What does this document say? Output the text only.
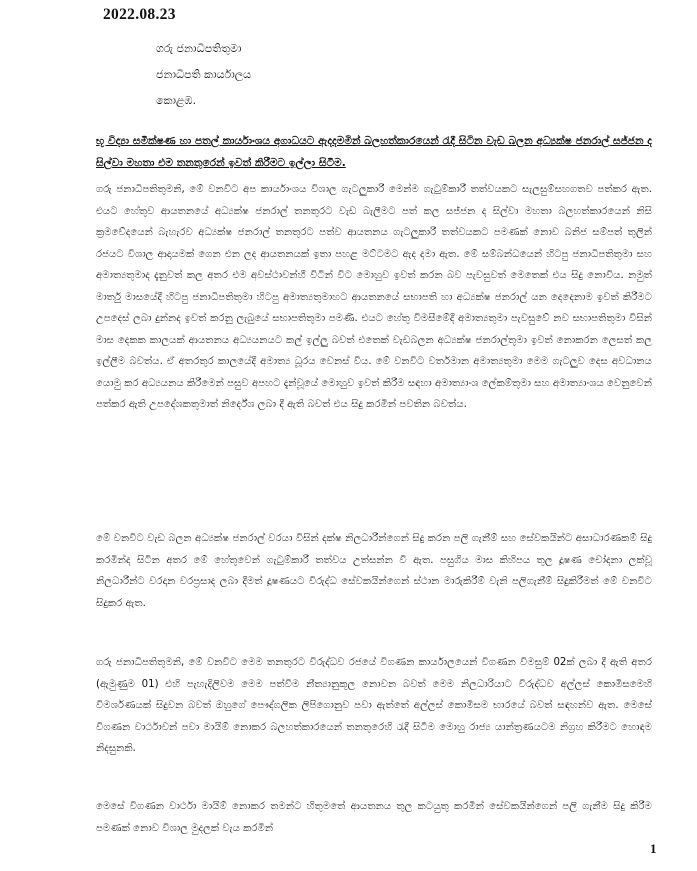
2022.08.23
ගරු ජනාධිපතිතුමා
ජනාධිපති කාර්යාලය
කොළඹ.
භූ විද්‍යා සමීක්ෂණ හා පතල් කාර්යාංශය අගාධයට ඇදදමමින් බලහත්කාරයෙන් රැදී සිටින වැඩ බලන අධ්‍යක්ෂ ජනරාල් සජ්ජන ද සිල්වා මහතා එම තනතුරෙන් ඉවත් කිරීමට ඉල්ලා සිටීම.
ගරු ජනාධිපතිතුමනි, මේ වනවිට අප කාර්යාංශය විශාල ගැටලුකාරී මෙන්ම ගැටුම්කාරී තත්වයකට සැලසුම්සහගතව පත්කර ඇත. එයට හේතුව ආයතනයේ අධ්‍යක්ෂ ජනරාල් තනතුරට වැඩ බැලීමට පත් කල සජ්ජන ද සිල්වා මහතා බලහත්කාරයෙන් නිසි ක්‍රමවේදයෙන් බැහැරව අධ්‍යක්ෂ ජනරාල් තනතුරට පත්ව ආයතනය ගැටලුකාරී තත්වයකට පමණක් නොව බනිජ සම්පත් තුලින් රජයට විශාල ආදායමක් ගෙන එන ලද ආයතනයක් ඉතා පහළ මට්ටමට ඇද දමා ඇත. මේ සම්බන්ධයෙන් හිටපු ජනාධිපතිතුමා සහ අමාත්‍යතුමාද දැනුවත් කල අතර එම අවස්ථාවන්හී විටින් විට මොහුව ඉවත් කරන බව පැවසුවත් මෙතෙක් එය සිදු නොවිය. නමුත් මාර්තු මාසයේදී හිටපු ජනාධිපතිතුමා හිටපු අමාත්‍යතුමාහට ආයතනයේ සභාපති හා අධ්‍යක්ෂ ජනරාල් යන දෙදෙනාම ඉවත් කිරීමට උපදෙස් ලබා දුන්නද ඉවත් කරනු ලැබුයේ සභාපතිතුමා පමණි. එයට හේතු විමසීමේදී අමාත්‍යතුමා පැවසුවේ නව සභාපතිතුමා විසින් මාස දෙකක කාලයක් ආයතනය අධ්‍යයනයට කල් ඉල්ලු බවත් එතෙක් වැඩබලන අධ්‍යක්ෂ ජනරාල්තුමා ඉවත් නොකරන ලෙසත් කල ඉල්ලීම බවත්ය. ඒ අතරතුර කාලයේදී අමාත්‍ය ධූරය වෙනස් විය. මේ වනවිට වර්තමාන අමාත්‍යතුමා මෙම ගැටලුව දෙස අවධානය යොමු කර අධ්‍යයනය කිරීමෙන් පසුව අපහට දැන්වූයේ මොහුව ඉවත් කිරීම සඳහා අමාත්‍යාංශ ලේකම්තුමා සහ අමාත්‍යාංශය වෙනුවෙන් පත්කර ඇති උපදේශකතුමාත් නිර්දේශ ලබා දී ඇති බවත් එය සිදු කරමින් පවතින බවත්ය.
මේ වනවිට වැඩ බලන අධ්‍යක්ෂ ජනරාල් වරයා විසින් දක්ෂ නිලධාරීන්ගෙන් සිදු කරන පලි ගැනීම් සහ සේවකයින්ට අසාධාරණකම් සිදු කරමින්ද සිටින අතර මේ හේතුවෙන් ගැටුම්කාරී තත්වය උත්සන්න වී ඇත. පසුගිය මාස කිහිපය තුල දූෂණ චෝදනා ලක්වූ නිලධාරීන්ට වරදාන වරප්‍රසාද ලබා දීමත් දූෂණයට විරුද්ධ සේවකයින්ගෙන් ස්ථාන මාරුකිරීම් වැනි පලිගැනීම් සිදුකිරීමත් මේ වනවිට සිදුකර ඇත.
ගරු ජනාධිපතිතුමනි, මේ වනවිට මෙම තනතුරට විරුද්ධව රජයේ විගණන කාර්යාලයෙන් විගණන විමසුම් 02ක් ලබා දී ඇති අතර (ඇමුණුම 01) එහි පැහැදිලිවම මෙම පත්වීම නීත්‍යානුකූල නොවන බවත් මෙම නිලධාරියාට විරුද්ධව අල්ලස් කොමිසමෙහි විමර්ශණයක් සිදුවන බවත් ඔහුගේ පෞද්ගලික ලිපිගොනුව පවා ඇත්තේ අල්ලස් කොමිසම භාරයේ බවත් සඳහන්ව ඇත. මෙසේ විගණන වාර්ථාවන් පවා මායිම් නොකර බලහත්කාරයෙන් තනතුරෙහි රැදී සිටීම මොහු රාජ්‍ය යාන්ත්‍රණයටම නිග්‍රහ කිරීමට හොඳම නිදසුනකි.
මෙසේ විගණන වාර්ථා මායිම් නොකර තමන්ට හිතුමතේ ආයතනය තුල කටයුතු කරමින් සේවකයින්ගෙන් පලි ගැනීම සිදු කිරීම පමණක් නොව විශාල මුදලක් වැය කරමින්
1
